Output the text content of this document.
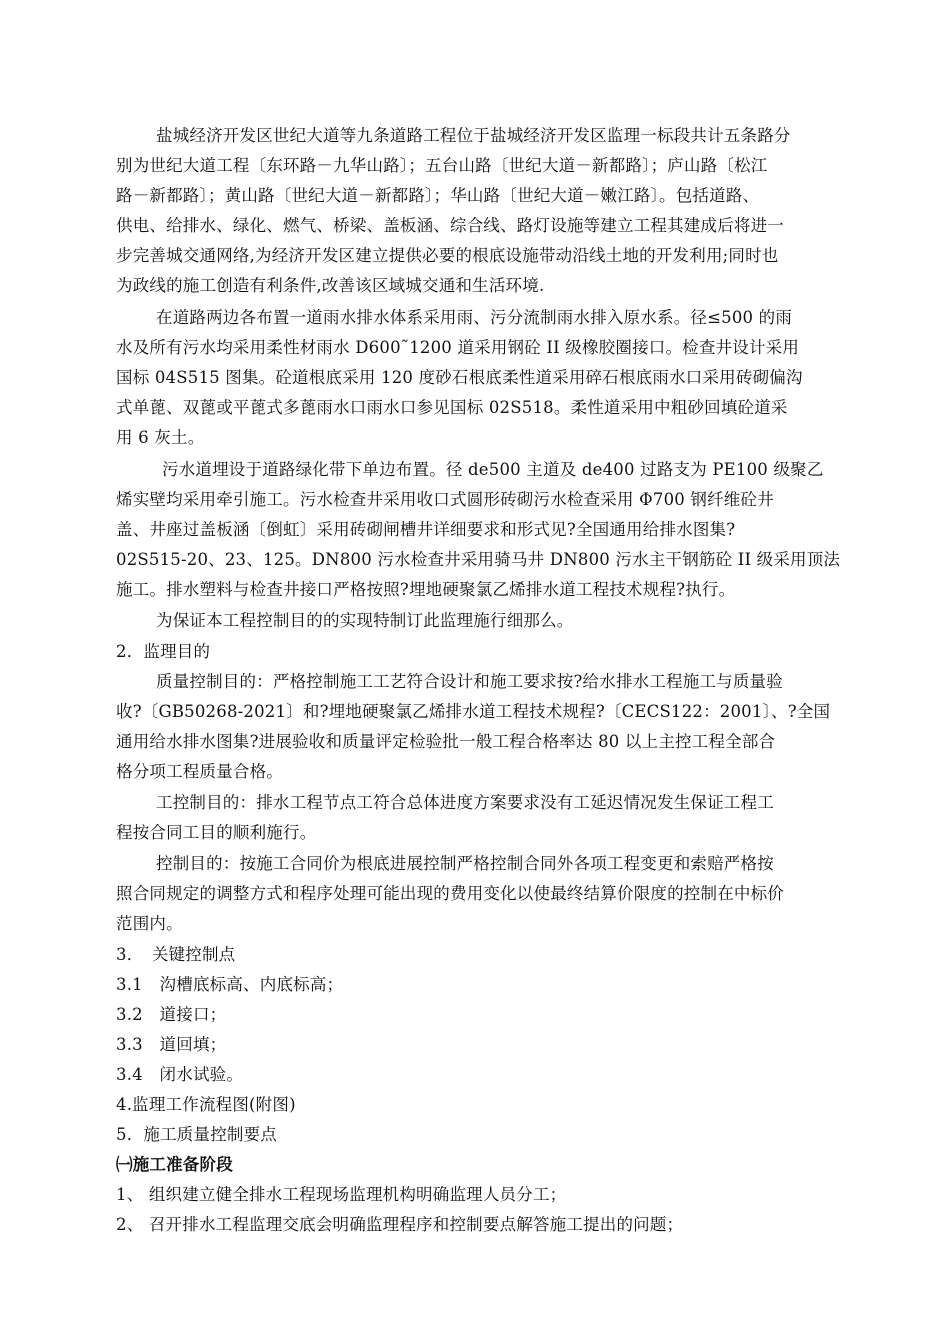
盐城经济开发区世纪大道等九条道路工程位于盐城经济开发区监理一标段共计五条路分
别为世纪大道工程〔东环路－九华山路〕；五台山路〔世纪大道－新都路〕；庐山路〔松江
路－新都路〕；黄山路〔世纪大道－新都路〕；华山路〔世纪大道－嫩江路〕。包括道路、
供电、给排水、绿化、燃气、桥梁、盖板涵、综合线、路灯设施等建立工程其建成后将进一
步完善城交通网络,为经济开发区建立提供必要的根底设施带动沿线土地的开发利用;同时也
为政线的施工创造有利条件,改善该区域城交通和生活环境.
在道路两边各布置一道雨水排水体系采用雨、污分流制雨水排入原水系。径≤500 的雨
水及所有污水均采用柔性材雨水 D600˜1200 道采用钢砼 II 级橡胶圈接口。检查井设计采用
国标 04S515 图集。砼道根底采用 120 度砂石根底柔性道采用碎石根底雨水口采用砖砌偏沟
式单蓖、双蓖或平蓖式多蓖雨水口雨水口参见国标 02S518。柔性道采用中粗砂回填砼道采
用 6 灰土。
污水道埋设于道路绿化带下单边布置。径 de500 主道及 de400 过路支为 PE100 级聚乙
烯实壁均采用牵引施工。污水检查井采用收口式圆形砖砌污水检查采用 Φ700 钢纤维砼井
盖、井座过盖板涵〔倒虹〕采用砖砌闸槽井详细要求和形式见?全国通用给排水图集?
02S515-20、23、125。DN800 污水检查井采用骑马井 DN800 污水主干钢筋砼 II 级采用顶法
施工。排水塑料与检查井接口严格按照?埋地硬聚氯乙烯排水道工程技术规程?执行。
为保证本工程控制目的的实现特制订此监理施行细那么。
2．监理目的
质量控制目的：严格控制施工工艺符合设计和施工要求按?给水排水工程施工与质量验
收?〔GB50268-2021〕和?埋地硬聚氯乙烯排水道工程技术规程?〔CECS122：2001〕、?全国
通用给水排水图集?进展验收和质量评定检验批一般工程合格率达 80 以上主控工程全部合
格分项工程质量合格。
工控制目的：排水工程节点工符合总体进度方案要求没有工延迟情况发生保证工程工
程按合同工目的顺利施行。
控制目的：按施工合同价为根底进展控制严格控制合同外各项工程变更和索赔严格按
照合同规定的调整方式和程序处理可能出现的费用变化以使最终结算价限度的控制在中标价
范围内。
3．　关键控制点
3.1　沟槽底标高、内底标高；
3.2　道接口；
3.3　道回填；
3.4　闭水试验。
4.监理工作流程图(附图)
5．施工质量控制要点
㈠施工准备阶段
1、 组织建立健全排水工程现场监理机构明确监理人员分工；
2、 召开排水工程监理交底会明确监理程序和控制要点解答施工提出的问题；
